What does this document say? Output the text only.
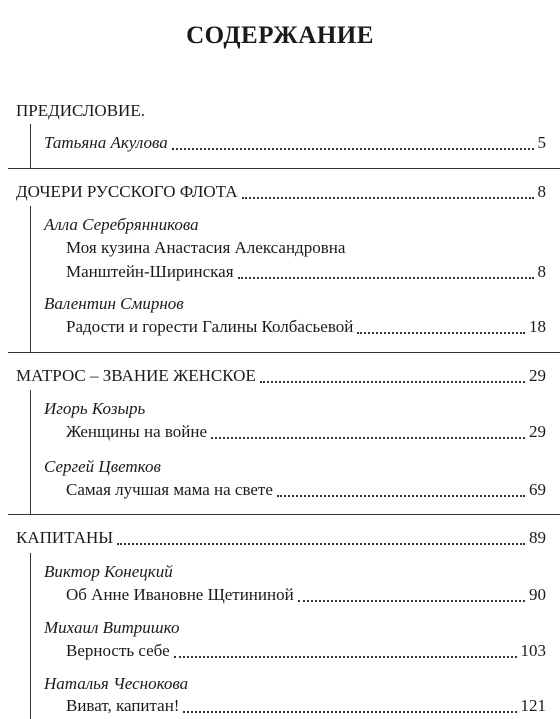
СОДЕРЖАНИЕ
ПРЕДИСЛОВИЕ.
Татьяна Акулова	5
ДОЧЕРИ РУССКОГО ФЛОТА	8
Алла Серебрянникова
Моя кузина Анастасия Александровна
Манштейн-Ширинская	8
Валентин Смирнов
Радости и горести Галины Колбасьевой	18
МАТРОС – ЗВАНИЕ ЖЕНСКОЕ	29
Игорь Козырь
Женщины на войне	29
Сергей Цветков
Самая лучшая мама на свете	69
КАПИТАНЫ	89
Виктор Конецкий
Об Анне Ивановне Щетининой	90
Михаил Витришко
Верность себе	103
Наталья Чеснокова
Виват, капитан!	121
